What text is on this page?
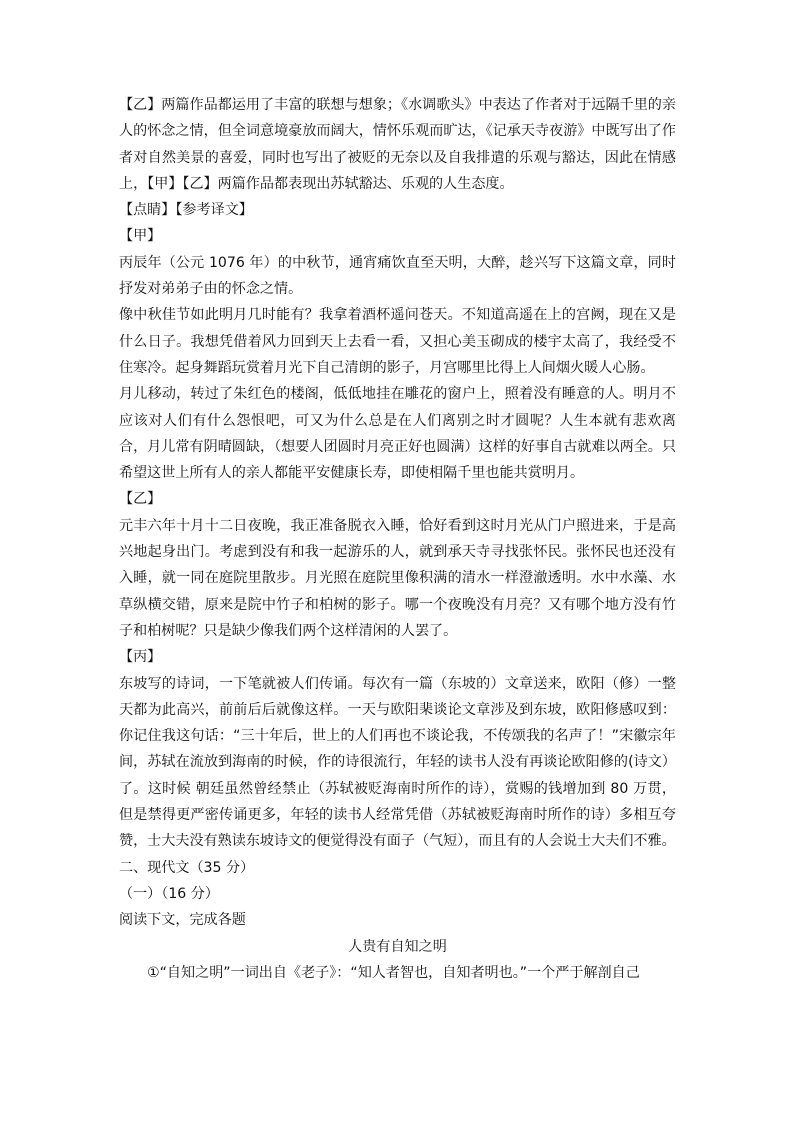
【乙】两篇作品都运用了丰富的联想与想象；《水调歌头》中表达了作者对于远隔千里的亲人的怀念之情，但全词意境豪放而阔大，情怀乐观而旷达，《记承天寺夜游》中既写出了作者对自然美景的喜爱，同时也写出了被贬的无奈以及自我排遣的乐观与豁达，因此在情感上，【甲】【乙】两篇作品都表现出苏轼豁达、乐观的人生态度。

【点睛】【参考译文】

【甲】

丙辰年（公元 1076 年）的中秋节，通宵痛饮直至天明，大醉，趁兴写下这篇文章，同时抒发对弟弟子由的怀念之情。

像中秋佳节如此明月几时能有？我拿着酒杯遥问苍天。不知道高遥在上的宫阙，现在又是什么日子。我想凭借着风力回到天上去看一看，又担心美玉砌成的楼宇太高了，我经受不住寒冷。起身舞蹈玩赏着月光下自己清朗的影子，月宫哪里比得上人间烟火暖人心肠。

月儿移动，转过了朱红色的楼阁，低低地挂在雕花的窗户上，照着没有睡意的人。明月不应该对人们有什么怨恨吧，可又为什么总是在人们离别之时才圆呢？人生本就有悲欢离合，月儿常有阴晴圆缺，（想要人团圆时月亮正好也圆满）这样的好事自古就难以两全。只希望这世上所有人的亲人都能平安健康长寿，即使相隔千里也能共赏明月。

【乙】

元丰六年十月十二日夜晚，我正准备脱衣入睡，恰好看到这时月光从门户照进来，于是高兴地起身出门。考虑到没有和我一起游乐的人，就到承天寺寻找张怀民。张怀民也还没有入睡，就一同在庭院里散步。月光照在庭院里像积满的清水一样澄澈透明。水中水藻、水草纵横交错，原来是院中竹子和柏树的影子。哪一个夜晚没有月亮？又有哪个地方没有竹子和柏树呢？只是缺少像我们两个这样清闲的人罢了。

【丙】

东坡写的诗词，一下笔就被人们传诵。每次有一篇（东坡的）文章送来，欧阳（修）一整天都为此高兴，前前后后就像这样。一天与欧阳棐谈论文章涉及到东坡，欧阳修感叹到：你记住我这句话：“三十年后，世上的人们再也不谈论我，不传颂我的名声了！”宋徽宗年间，苏轼在流放到海南的时候，作的诗很流行，年轻的读书人没有再谈论欧阳修的(诗文）了。这时候 朝廷虽然曾经禁止（苏轼被贬海南时所作的诗），赏赐的钱增加到 80 万贯，但是禁得更严密传诵更多，年轻的读书人经常凭借（苏轼被贬海南时所作的诗）多相互夸赞，士大夫没有熟读东坡诗文的便觉得没有面子（气短），而且有的人会说士大夫们不雅。

二、现代文（35 分）

（一）（16 分）

阅读下文，完成各题

人贵有自知之明

①“自知之明”一词出自《老子》：“知人者智也，自知者明也。”一个严于解剖自己
